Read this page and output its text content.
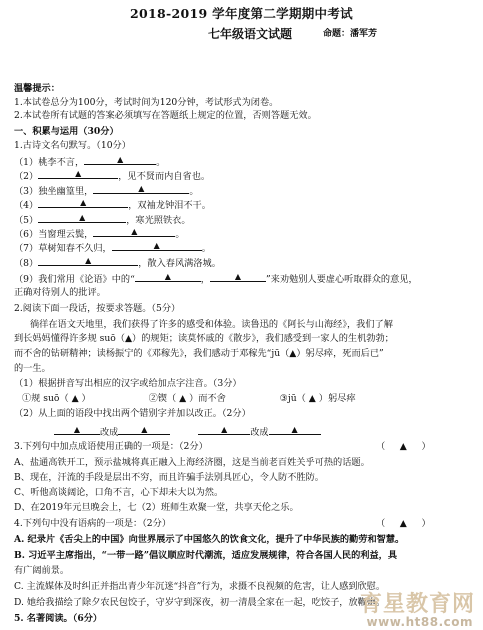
2018-2019 学年度第二学期期中考试
七年级语文试题	命题：潘军芳
温馨提示：
1.本试卷总分为100分，考试时间为120分钟，考试形式为闭卷。
2.本试卷所有试题的答案必须填写在答题纸上规定的位置，否则答题无效。
一、积累与运用（30分）
1.古诗文名句默写。（10分）
（1）桃李不言，	▲	。
（2）	▲	，见不贤而内自省也。
（3）独坐幽篁里，	▲	。
（4）	▲	，双袖龙钟泪不干。
（5）	▲	，寒光照铁衣。
（6）当窗理云鬓，	▲	。
（7）草树知春不久归，	▲	。
（8）	▲	，散入春风满洛城。
（9）我们常用《论语》中的“	▲	，	▲	”来劝勉别人要虚心听取群众的意见，
正确对待别人的批评。
2.阅读下面一段话，按要求答题。（5分）
徜徉在语文天地里，我们获得了许多的感受和体验。读鲁迅的《阿长与山海经》，我们了解
到长妈妈懂得许多规 suō（▲）的规矩；读莫怀戚的《散步》，我们感受到一家人的生机勃勃；
而不舍的钻研精神；读杨振宁的《邓稼先》，我们感动于邓稼先“jū（▲）躬尽瘁，死而后已”
的一生。
（1）根据拼音写出相应的汉字或给加点字注音。（3分）
①规 suō（ ▲ ）	②锲（ ▲ ）而不舍	③jū（ ▲ ）躬尽瘁
（2）从上面的语段中找出两个错别字并加以改正。（2分）
▲ 改成	▲
	▲ 改成	▲
3.下列句中加点成语使用正确的一项是：（2分）	（     ▲     ）
A、盐通高铁开工，预示盐城将真正融入上海经济圈，这是当前老百姓关乎可热的话题。
B、现在，汗流的手段是层出不穷，而且许骗手法别具匠心，令人防不胜防。
C、听他高谈阔论，口角不言，心下却未大以为然。
D、在2019年元旦晚会上，七（2）班师生欢聚一堂，共享天伦之乐。
4.下列句中没有语病的一项是：（2分）	（     ▲     ）
A. 纪录片《舌尖上的中国》向世界展示了中国悠久的饮食文化，提升了中华民族的勤劳和智慧。
B. 习近平主席指出，“一带一路”倡议顺应时代潮流，适应发展规律，符合各国人民的利益，具
有广阔前景。
C. 主流媒体及时纠正并指出青少年沉迷“抖音”行为，求摄不良视频的危害，让人感到欣慰。
D. 她给我描绘了除夕农民包饺子，守岁守到深夜，初一清晨全家在一起，吃饺子，放鞭炮。
5. 名著阅读。（6分）
育星教育网
www.ht88.com
